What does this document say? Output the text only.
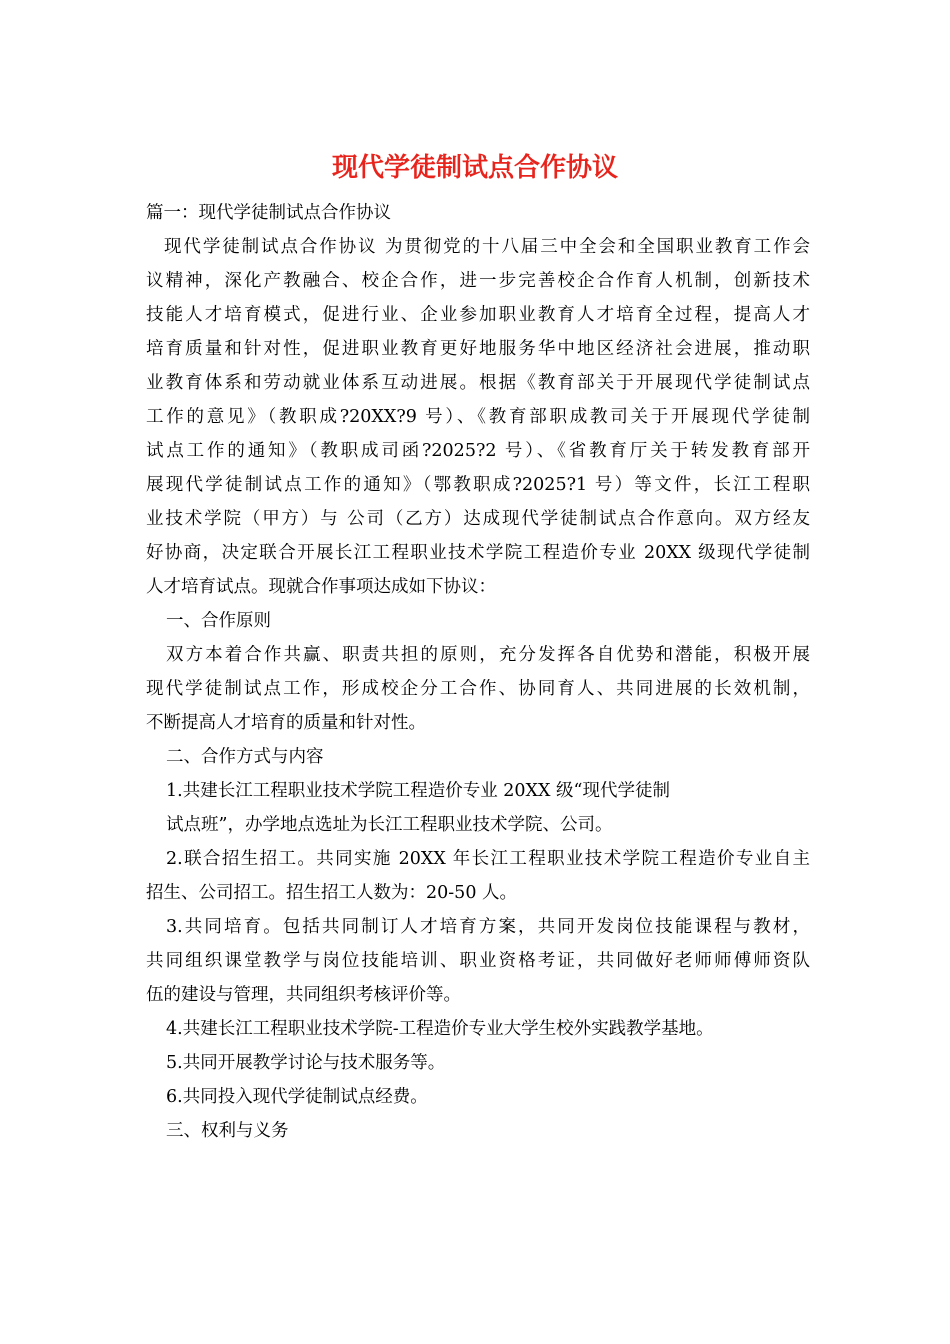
现代学徒制试点合作协议

篇一：现代学徒制试点合作协议

现代学徒制试点合作协议 为贯彻党的十八届三中全会和全国职业教育工作会

议精神，深化产教融合、校企合作，进一步完善校企合作育人机制，创新技术

技能人才培育模式，促进行业、企业参加职业教育人才培育全过程，提高人才

培育质量和针对性，促进职业教育更好地服务华中地区经济社会进展，推动职

业教育体系和劳动就业体系互动进展。根据《教育部关于开展现代学徒制试点

工作的意见》（教职成?20XX?9 号）、《教育部职成教司关于开展现代学徒制

试点工作的通知》（教职成司函?2025?2 号）、《省教育厅关于转发教育部开

展现代学徒制试点工作的通知》（鄂教职成?2025?1 号）等文件，长江工程职

业技术学院（甲方）与 公司（乙方）达成现代学徒制试点合作意向。双方经友

好协商，决定联合开展长江工程职业技术学院工程造价专业 20XX 级现代学徒制

人才培育试点。现就合作事项达成如下协议：

一、合作原则

双方本着合作共赢、职责共担的原则，充分发挥各自优势和潜能，积极开展

现代学徒制试点工作，形成校企分工合作、协同育人、共同进展的长效机制，

不断提高人才培育的质量和针对性。

二、合作方式与内容

1.共建长江工程职业技术学院工程造价专业 20XX 级“现代学徒制

试点班”，办学地点选址为长江工程职业技术学院、公司。

2.联合招生招工。共同实施 20XX 年长江工程职业技术学院工程造价专业自主

招生、公司招工。招生招工人数为：20-50 人。

3.共同培育。包括共同制订人才培育方案，共同开发岗位技能课程与教材，

共同组织课堂教学与岗位技能培训、职业资格考证，共同做好老师师傅师资队

伍的建设与管理，共同组织考核评价等。

4.共建长江工程职业技术学院-工程造价专业大学生校外实践教学基地。

5.共同开展教学讨论与技术服务等。

6.共同投入现代学徒制试点经费。

三、权利与义务
